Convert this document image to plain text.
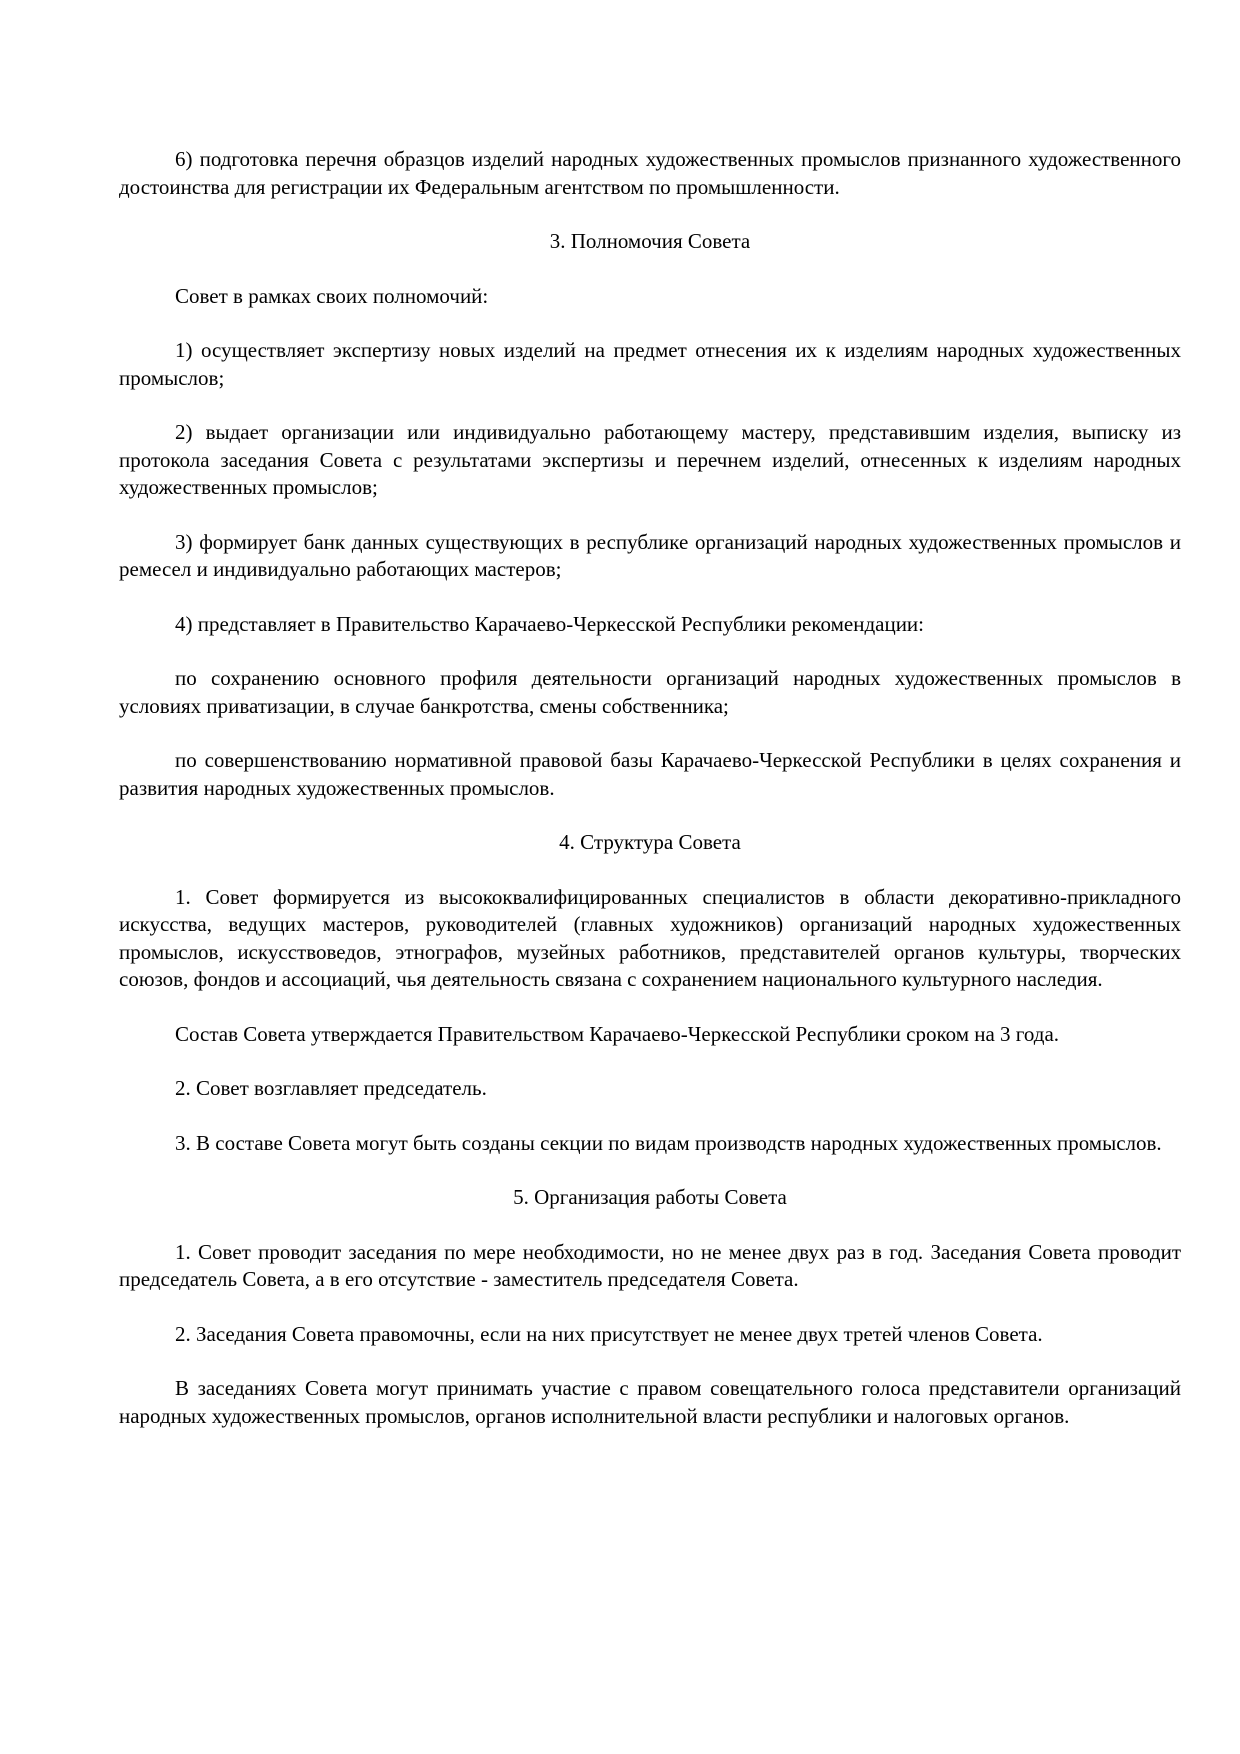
6) подготовка перечня образцов изделий народных художественных промыслов признанного художественного достоинства для регистрации их Федеральным агентством по промышленности.

3. Полномочия Совета

Совет в рамках своих полномочий:

1) осуществляет экспертизу новых изделий на предмет отнесения их к изделиям народных художественных промыслов;

2) выдает организации или индивидуально работающему мастеру, представившим изделия, выписку из протокола заседания Совета с результатами экспертизы и перечнем изделий, отнесенных к изделиям народных художественных промыслов;

3) формирует банк данных существующих в республике организаций народных художественных промыслов и ремесел и индивидуально работающих мастеров;

4) представляет в Правительство Карачаево-Черкесской Республики рекомендации:

по сохранению основного профиля деятельности организаций народных художественных промыслов в условиях приватизации, в случае банкротства, смены собственника;

по совершенствованию нормативной правовой базы Карачаево-Черкесской Республики в целях сохранения и развития народных художественных промыслов.

4. Структура Совета

1. Совет формируется из высококвалифицированных специалистов в области декоративно-прикладного искусства, ведущих мастеров, руководителей (главных художников) организаций народных художественных промыслов, искусствоведов, этнографов, музейных работников, представителей органов культуры, творческих союзов, фондов и ассоциаций, чья деятельность связана с сохранением национального культурного наследия.

Состав Совета утверждается Правительством Карачаево-Черкесской Республики сроком на 3 года.

2. Совет возглавляет председатель.

3. В составе Совета могут быть созданы секции по видам производств народных художественных промыслов.

5. Организация работы Совета

1. Совет проводит заседания по мере необходимости, но не менее двух раз в год. Заседания Совета проводит председатель Совета, а в его отсутствие - заместитель председателя Совета.

2. Заседания Совета правомочны, если на них присутствует не менее двух третей членов Совета.

В заседаниях Совета могут принимать участие с правом совещательного голоса представители организаций народных художественных промыслов, органов исполнительной власти республики и налоговых органов.
